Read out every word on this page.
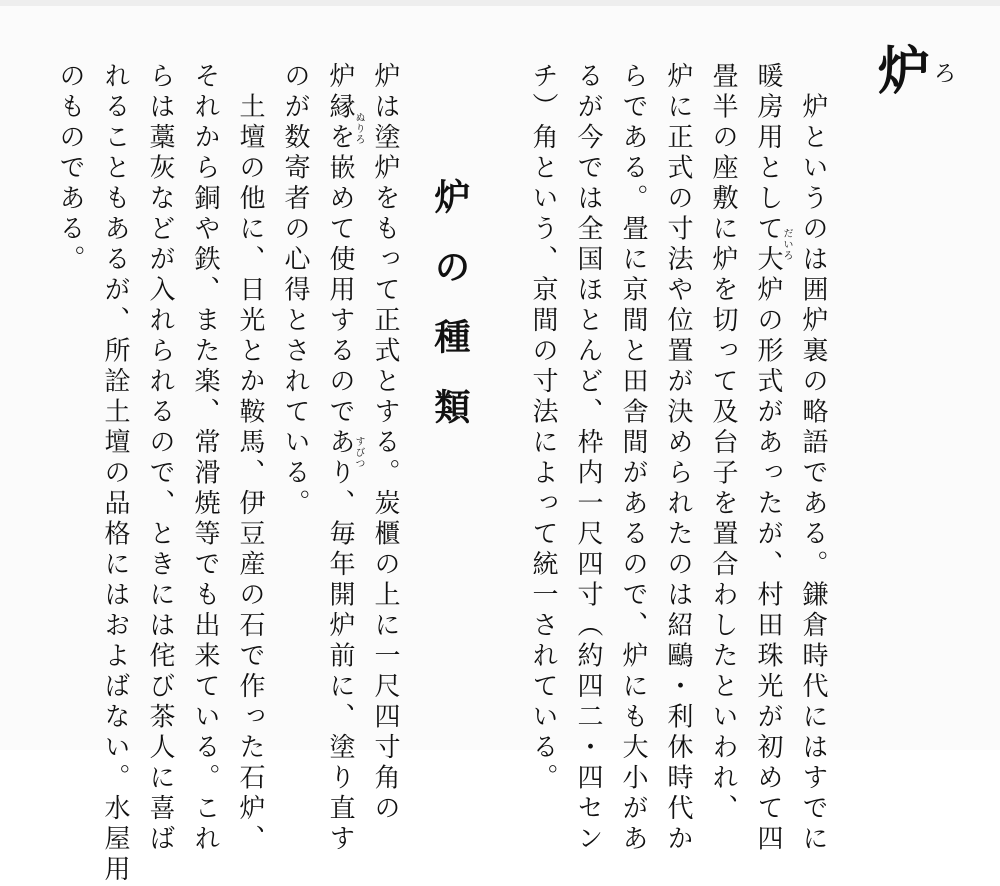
炉 ろ
　炉というのは囲炉裏の略語である。鎌倉時代にはすでに
暖房用として大炉の形式があったが、村田珠光が初めて四
畳半の座敷に炉を切って及台子を置合わしたといわれ、
炉に正式の寸法や位置が決められたのは紹鷗・利休時代か
らである。畳に京間と田舎間があるので、炉にも大小があ
るが今では全国ほとんど、枠内一尺四寸（約四二・四セン
チ）角という、京間の寸法によって統一されている。	だいろ
炉の種類
炉は塗炉をもって正式とする。炭櫃の上に一尺四寸角の
炉縁を嵌めて使用するのであり、毎年開炉前に、塗り直す
のが数寄者の心得とされている。
　土壇の他に、日光とか鞍馬、伊豆産の石で作った石炉、
それから銅や鉄、また楽、常滑焼等でも出来ている。これ
らは藁灰などが入れられるので、ときには侘び茶人に喜ば
れることもあるが、所詮土壇の品格にはおよばない。水屋用
のものである。	ぬりろ
すびつ
